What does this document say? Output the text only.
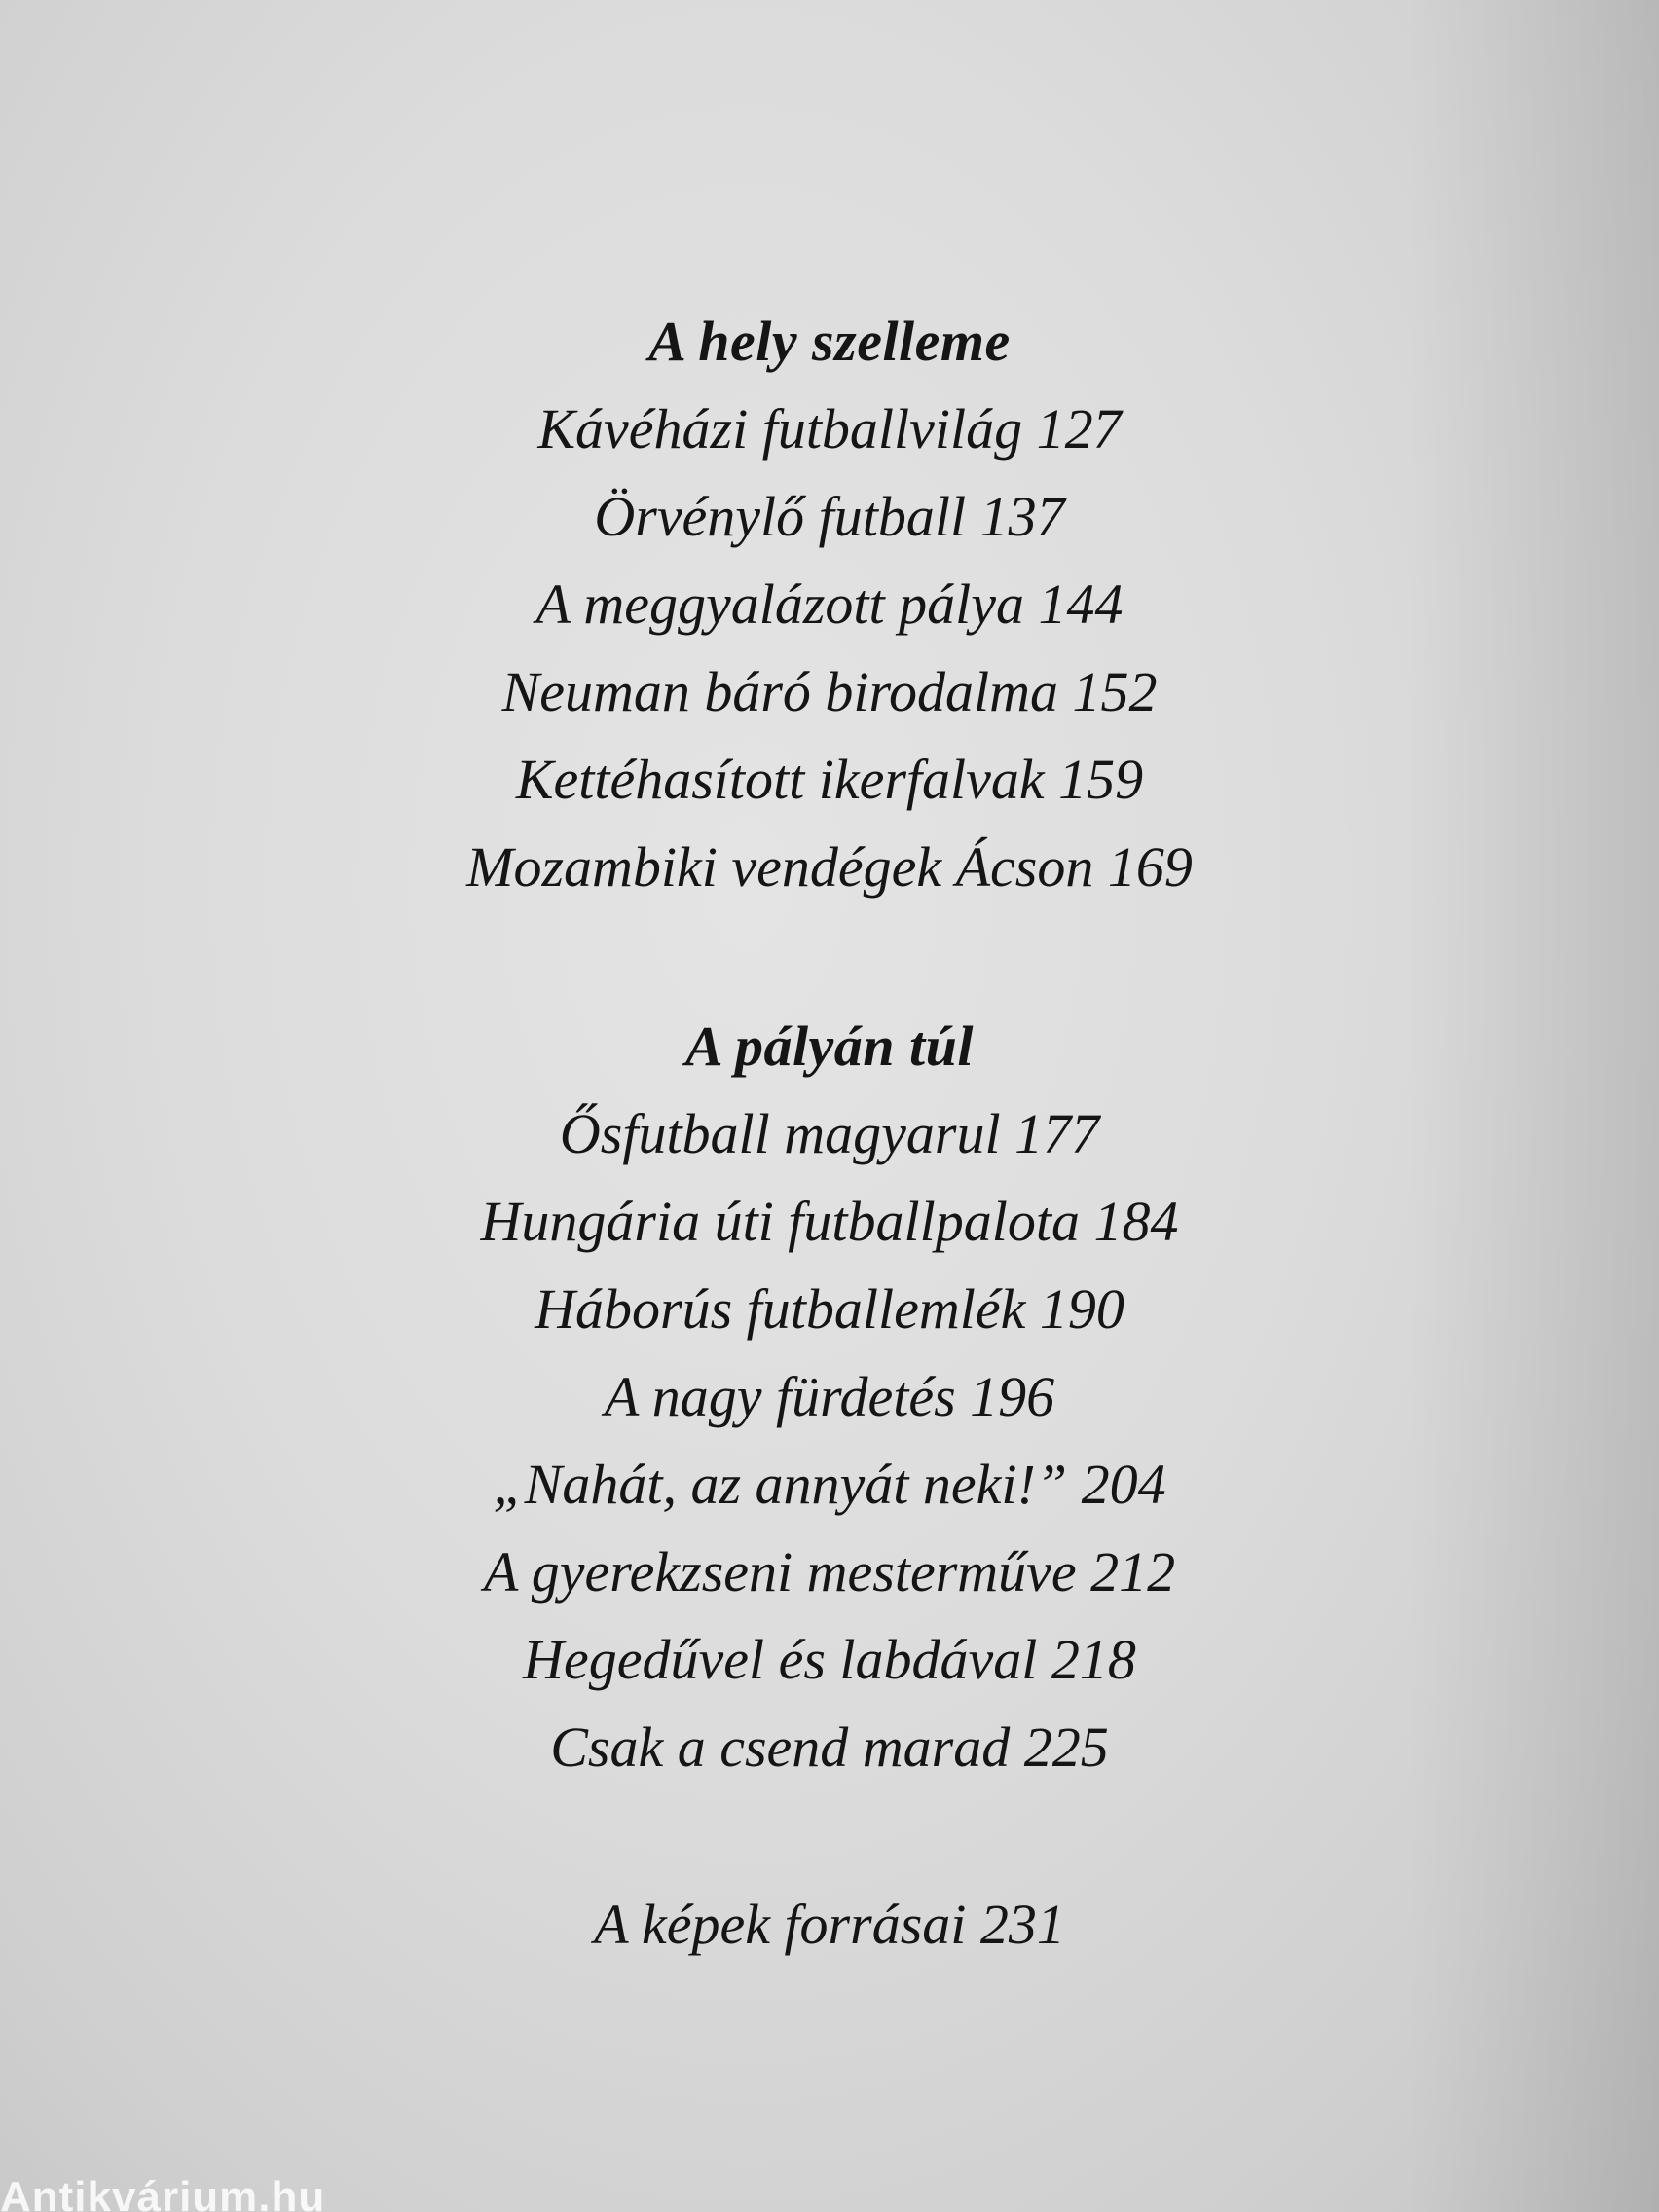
A hely szelleme
Kávéházi futballvilág 127
Örvénylő futball 137
A meggyalázott pálya 144
Neuman báró birodalma 152
Kettéhasított ikerfalvak 159
Mozambiki vendégek Ácson 169
A pályán túl
Ősfutball magyarul 177
Hungária úti futballpalota 184
Háborús futballemlék 190
A nagy fürdetés 196
„Nahát, az annyát neki!” 204
A gyerekzseni mesterműve 212
Hegedűvel és labdával 218
Csak a csend marad 225
A képek forrásai 231
Antikvárium.hu
